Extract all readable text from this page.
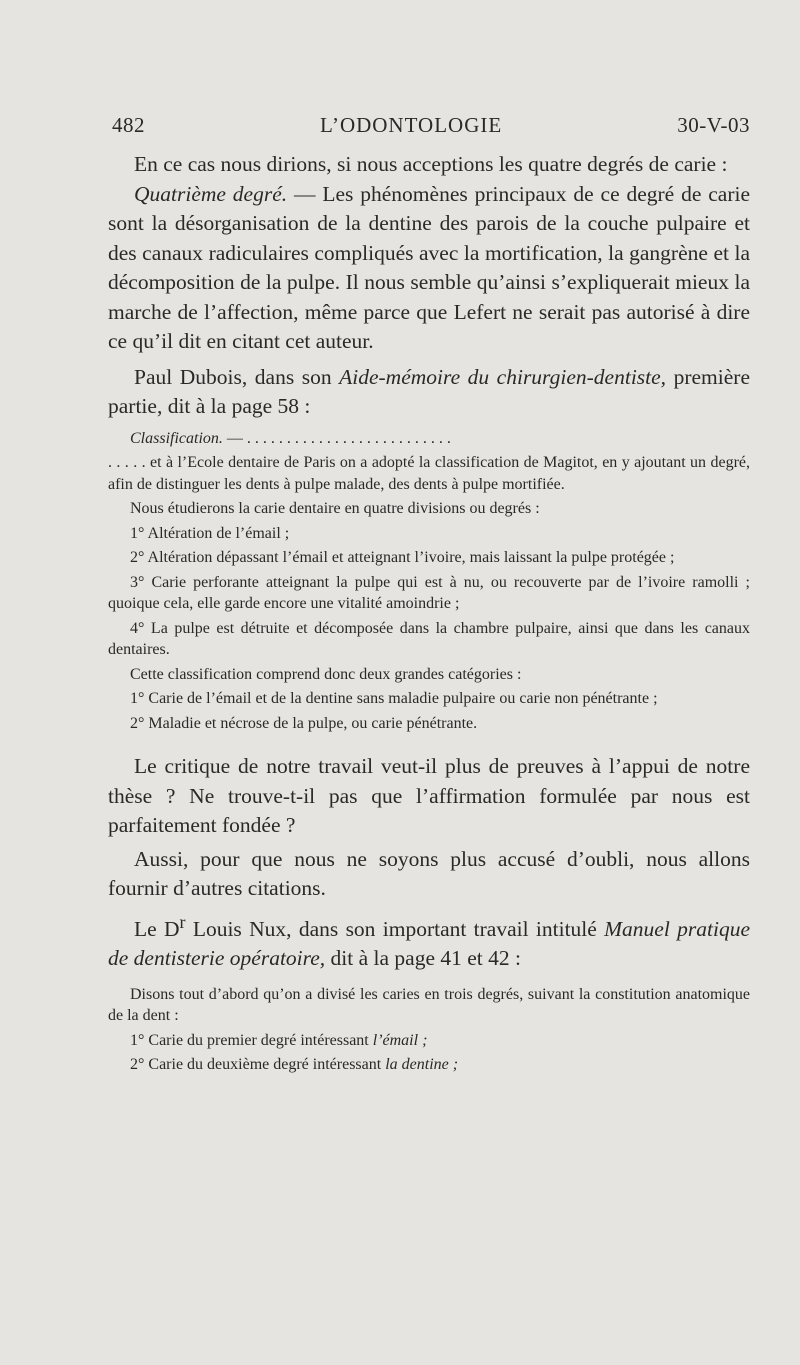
482	L’ODONTOLOGIE	30-V-03

En ce cas nous dirions, si nous acceptions les quatre degrés de carie :

Quatrième degré. — Les phénomènes principaux de ce degré de carie sont la désorganisation de la dentine des parois de la couche pulpaire et des canaux radiculaires compliqués avec la mortification, la gangrène et la décomposition de la pulpe. Il nous semble qu’ainsi s’expliquerait mieux la marche de l’affection, même parce que Lefert ne serait pas autorisé à dire ce qu’il dit en citant cet auteur.

Paul Dubois, dans son Aide-mémoire du chirurgien-dentiste, première partie, dit à la page 58 :

Classification. — . . . . . . . . . . . . . . . . . . . . . . . . . .

. . . . . et à l’Ecole dentaire de Paris on a adopté la classification de Magitot, en y ajoutant un degré, afin de distinguer les dents à pulpe malade, des dents à pulpe mortifiée.

Nous étudierons la carie dentaire en quatre divisions ou degrés :

1° Altération de l’émail ;

2° Altération dépassant l’émail et atteignant l’ivoire, mais laissant la pulpe protégée ;

3° Carie perforante atteignant la pulpe qui est à nu, ou recouverte par de l’ivoire ramolli ; quoique cela, elle garde encore une vitalité amoindrie ;

4° La pulpe est détruite et décomposée dans la chambre pulpaire, ainsi que dans les canaux dentaires.

Cette classification comprend donc deux grandes catégories :

1° Carie de l’émail et de la dentine sans maladie pulpaire ou carie non pénétrante ;

2° Maladie et nécrose de la pulpe, ou carie pénétrante.

Le critique de notre travail veut-il plus de preuves à l’appui de notre thèse ? Ne trouve-t-il pas que l’affirmation formulée par nous est parfaitement fondée ?

Aussi, pour que nous ne soyons plus accusé d’oubli, nous allons fournir d’autres citations.

Le $D^r$ Louis Nux, dans son important travail intitulé Manuel pratique de dentisterie opératoire, dit à la page 41 et 42 :

Disons tout d’abord qu’on a divisé les caries en trois degrés, suivant la constitution anatomique de la dent :

1° Carie du premier degré intéressant l’émail ;

2° Carie du deuxième degré intéressant la dentine ;
